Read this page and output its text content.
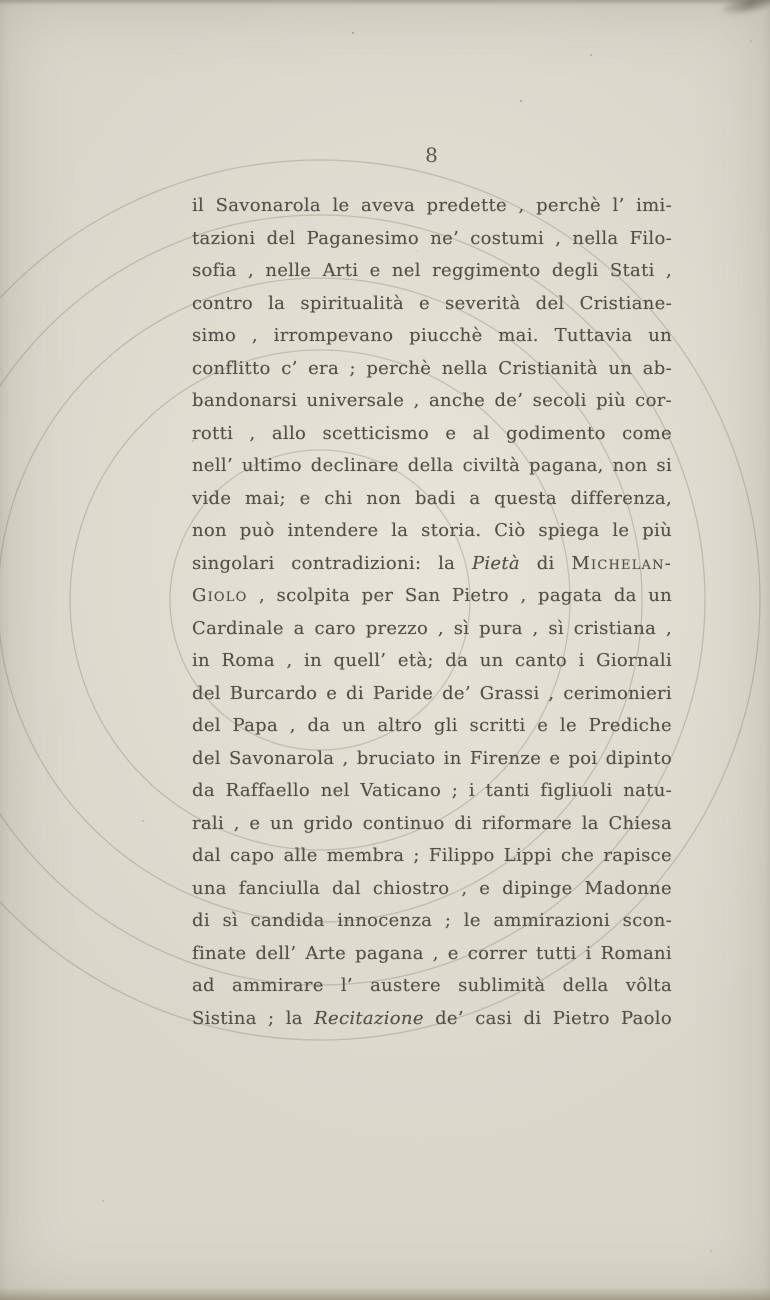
8
il Savonarola le aveva predette , perchè l’ imi-
tazioni del Paganesimo ne’ costumi , nella Filo-
sofia , nelle Arti e nel reggimento degli Stati ,
contro la spiritualità e severità del Cristiane-
simo , irrompevano piucchè mai. Tuttavia un
conflitto c’ era ; perchè nella Cristianità un ab-
bandonarsi universale , anche de’ secoli più cor-
rotti , allo scetticismo e al godimento come
nell’ ultimo declinare della civiltà pagana, non si
vide mai; e chi non badi a questa differenza,
non può intendere la storia. Ciò spiega le più
singolari contradizioni: la Pietà di Michelan-
Giolo , scolpita per San Pietro , pagata da un
Cardinale a caro prezzo , sì pura , sì cristiana ,
in Roma , in quell’ età; da un canto i Giornali
del Burcardo e di Paride de’ Grassi , cerimonieri
del Papa , da un altro gli scritti e le Prediche
del Savonarola , bruciato in Firenze e poi dipinto
da Raffaello nel Vaticano ; i tanti figliuoli natu-
rali , e un grido continuo di riformare la Chiesa
dal capo alle membra ; Filippo Lippi che rapisce
una fanciulla dal chiostro , e dipinge Madonne
di sì candida innocenza ; le ammirazioni scon-
finate dell’ Arte pagana , e correr tutti i Romani
ad ammirare l’ austere sublimità della vôlta
Sistina ; la Recitazione de’ casi di Pietro Paolo
